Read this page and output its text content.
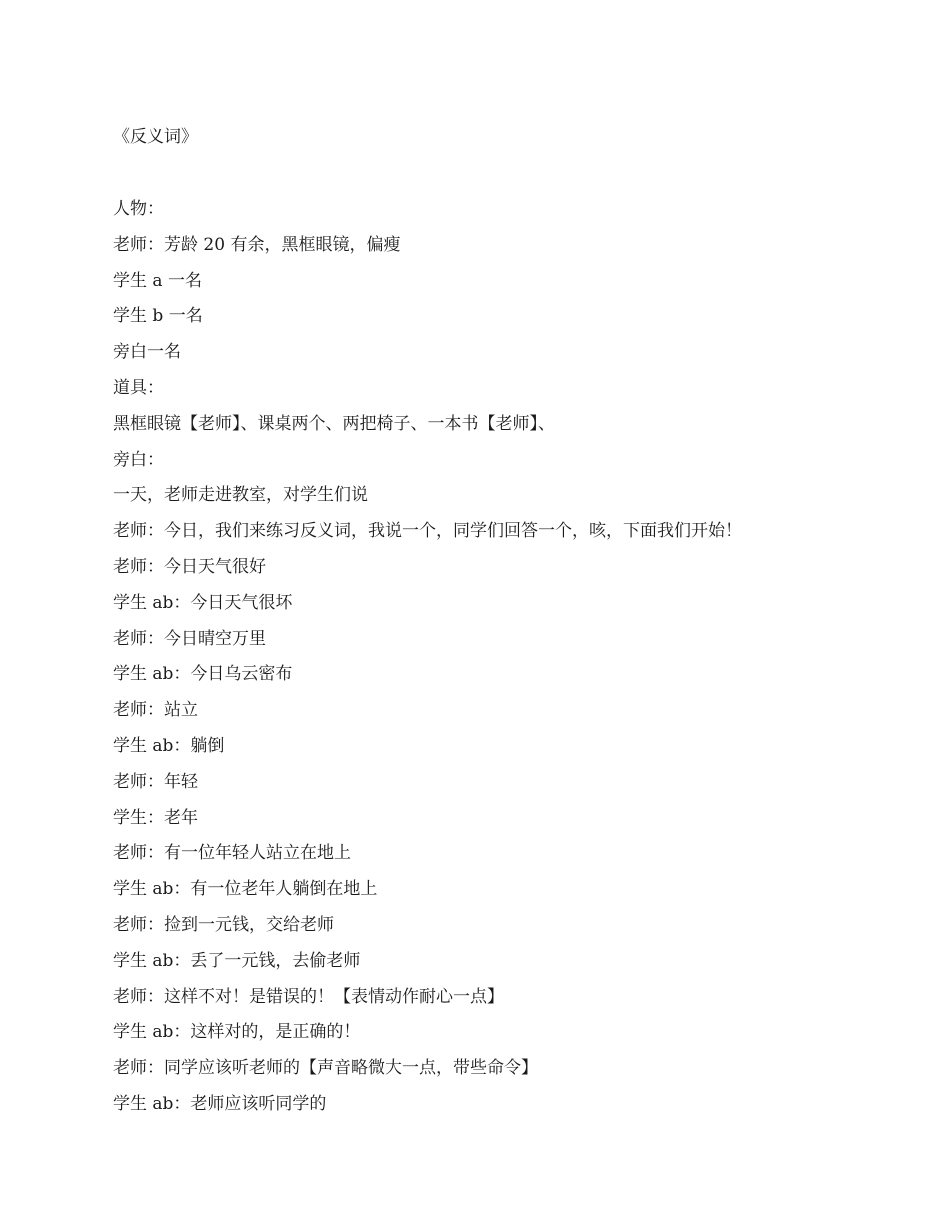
《反义词》
人物：
老师：芳龄 20 有余，黑框眼镜，偏瘦
学生 a 一名
学生 b 一名
旁白一名
道具：
黑框眼镜【老师】、课桌两个、两把椅子、一本书【老师】、
旁白：
一天，老师走进教室，对学生们说
老师：今日，我们来练习反义词，我说一个，同学们回答一个，咳，下面我们开始！
老师：今日天气很好
学生 ab：今日天气很坏
老师：今日晴空万里
学生 ab：今日乌云密布
老师：站立
学生 ab：躺倒
老师：年轻
学生：老年
老师：有一位年轻人站立在地上
学生 ab：有一位老年人躺倒在地上
老师：捡到一元钱，交给老师
学生 ab：丢了一元钱，去偷老师
老师：这样不对！是错误的！【表情动作耐心一点】
学生 ab：这样对的，是正确的！
老师：同学应该听老师的【声音略微大一点，带些命令】
学生 ab：老师应该听同学的
